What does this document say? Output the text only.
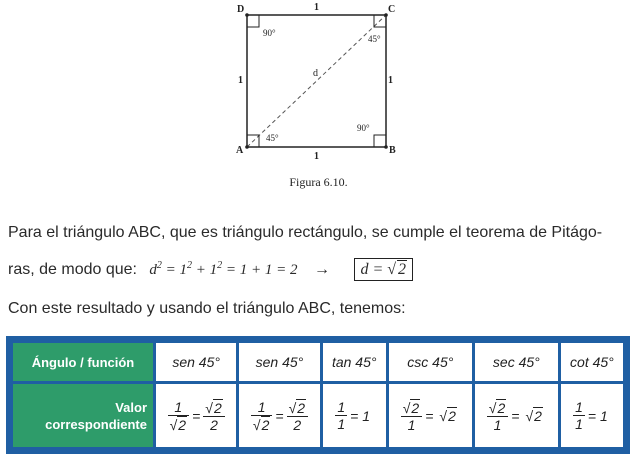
A	B
C
D	1
1
1	1
d
90°
90°
45°
45°
Figura 6.10.
Para el triángulo ABC, que es triángulo rectángulo, se cumple el teorema de Pitágo-
ras, de modo que: $d^2 = 1^2 + 1^2 = 1 + 1 = 2 \to d$ = √ 2
Con este resultado y usando el triángulo ABC, tenemos:
Ángulo / función	sen 45°	sen 45°	tan 45°	csc 45°	sec 45°	cot 45°
Valor
correspondiente	$\frac{1}{√2} = \frac{√2}{2}$	$\frac{1}{√2} = \frac{√2}{2}$	$\frac{1}{1} = 1$	$\frac{√2}{1} = √2$	$\frac{√2}{1} = √2$	$\frac{1}{1} = 1$
